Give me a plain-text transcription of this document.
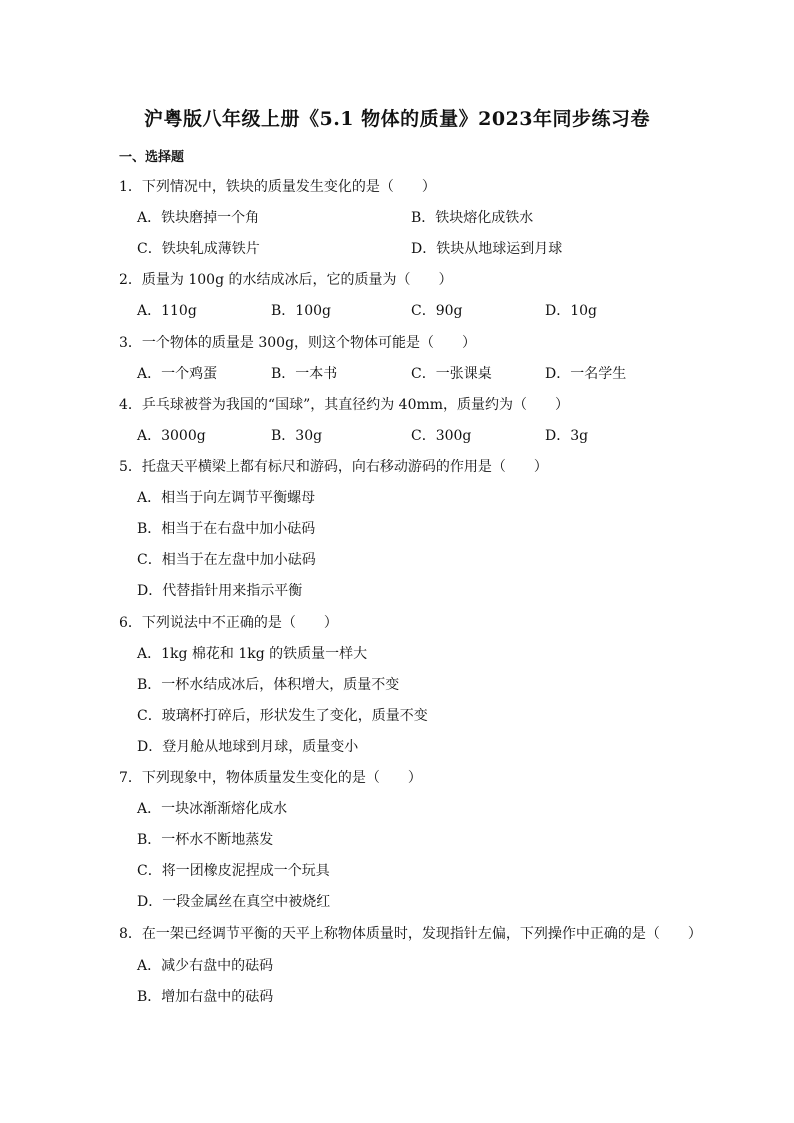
沪粤版八年级上册《5.1 物体的质量》2023年同步练习卷
一、选择题
1．下列情况中，铁块的质量发生变化的是（　　）
A．铁块磨掉一个角	B．铁块熔化成铁水
C．铁块轧成薄铁片	D．铁块从地球运到月球
2．质量为 100g 的水结成冰后，它的质量为（　　）
A．110g	B．100g	C．90g	D．10g
3．一个物体的质量是 300g，则这个物体可能是（　　）
A．一个鸡蛋	B．一本书	C．一张课桌	D．一名学生
4．乒乓球被誉为我国的“国球”，其直径约为 40mm，质量约为（　　）
A．3000g	B．30g	C．300g	D．3g
5．托盘天平横梁上都有标尺和游码，向右移动游码的作用是（　　）
A．相当于向左调节平衡螺母
B．相当于在右盘中加小砝码
C．相当于在左盘中加小砝码
D．代替指针用来指示平衡
6．下列说法中不正确的是（　　）
A．1kg 棉花和 1kg 的铁质量一样大
B．一杯水结成冰后，体积增大，质量不变
C．玻璃杯打碎后，形状发生了变化，质量不变
D．登月舱从地球到月球，质量变小
7．下列现象中，物体质量发生变化的是（　　）
A．一块冰渐渐熔化成水
B．一杯水不断地蒸发
C．将一团橡皮泥捏成一个玩具
D．一段金属丝在真空中被烧红
8．在一架已经调节平衡的天平上称物体质量时，发现指针左偏，下列操作中正确的是（　　）
A．减少右盘中的砝码
B．增加右盘中的砝码
